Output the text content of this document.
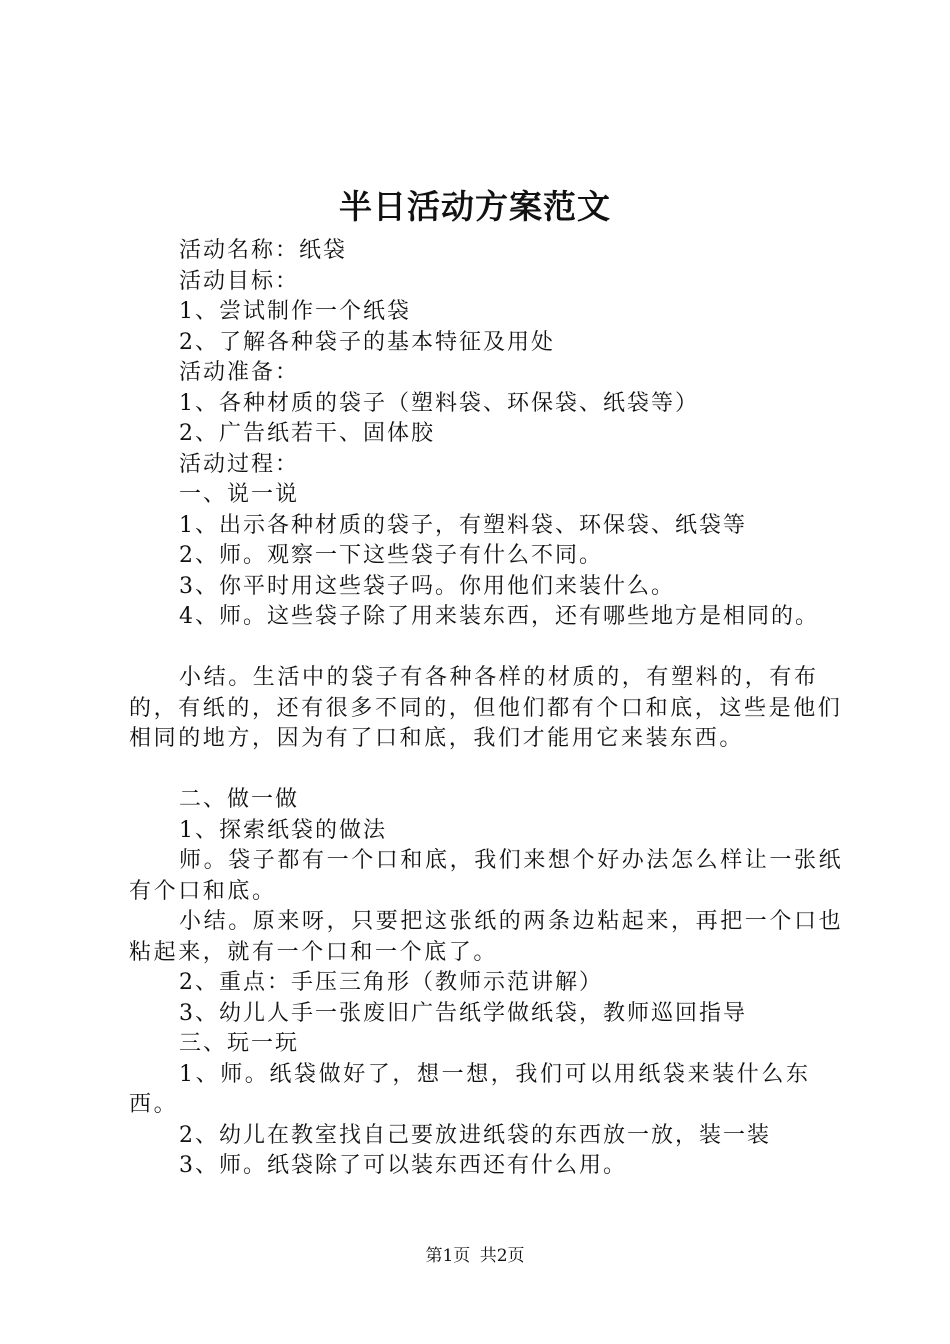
半日活动方案范文
活动名称：纸袋
活动目标：
1、尝试制作一个纸袋
2、了解各种袋子的基本特征及用处
活动准备：
1、各种材质的袋子（塑料袋、环保袋、纸袋等）
2、广告纸若干、固体胶
活动过程：
一、说一说
1、出示各种材质的袋子，有塑料袋、环保袋、纸袋等
2、师。观察一下这些袋子有什么不同。
3、你平时用这些袋子吗。你用他们来装什么。
4、师。这些袋子除了用来装东西，还有哪些地方是相同的。
小结。生活中的袋子有各种各样的材质的，有塑料的，有布的，有纸的，还有很多不同的，但他们都有个口和底，这些是他们相同的地方，因为有了口和底，我们才能用它来装东西。
二、做一做
1、探索纸袋的做法
师。袋子都有一个口和底，我们来想个好办法怎么样让一张纸有个口和底。
小结。原来呀，只要把这张纸的两条边粘起来，再把一个口也粘起来，就有一个口和一个底了。
2、重点：手压三角形（教师示范讲解）
3、幼儿人手一张废旧广告纸学做纸袋，教师巡回指导
三、玩一玩
1、师。纸袋做好了，想一想，我们可以用纸袋来装什么东西。
2、幼儿在教室找自己要放进纸袋的东西放一放，装一装
3、师。纸袋除了可以装东西还有什么用。
第1页 共2页
